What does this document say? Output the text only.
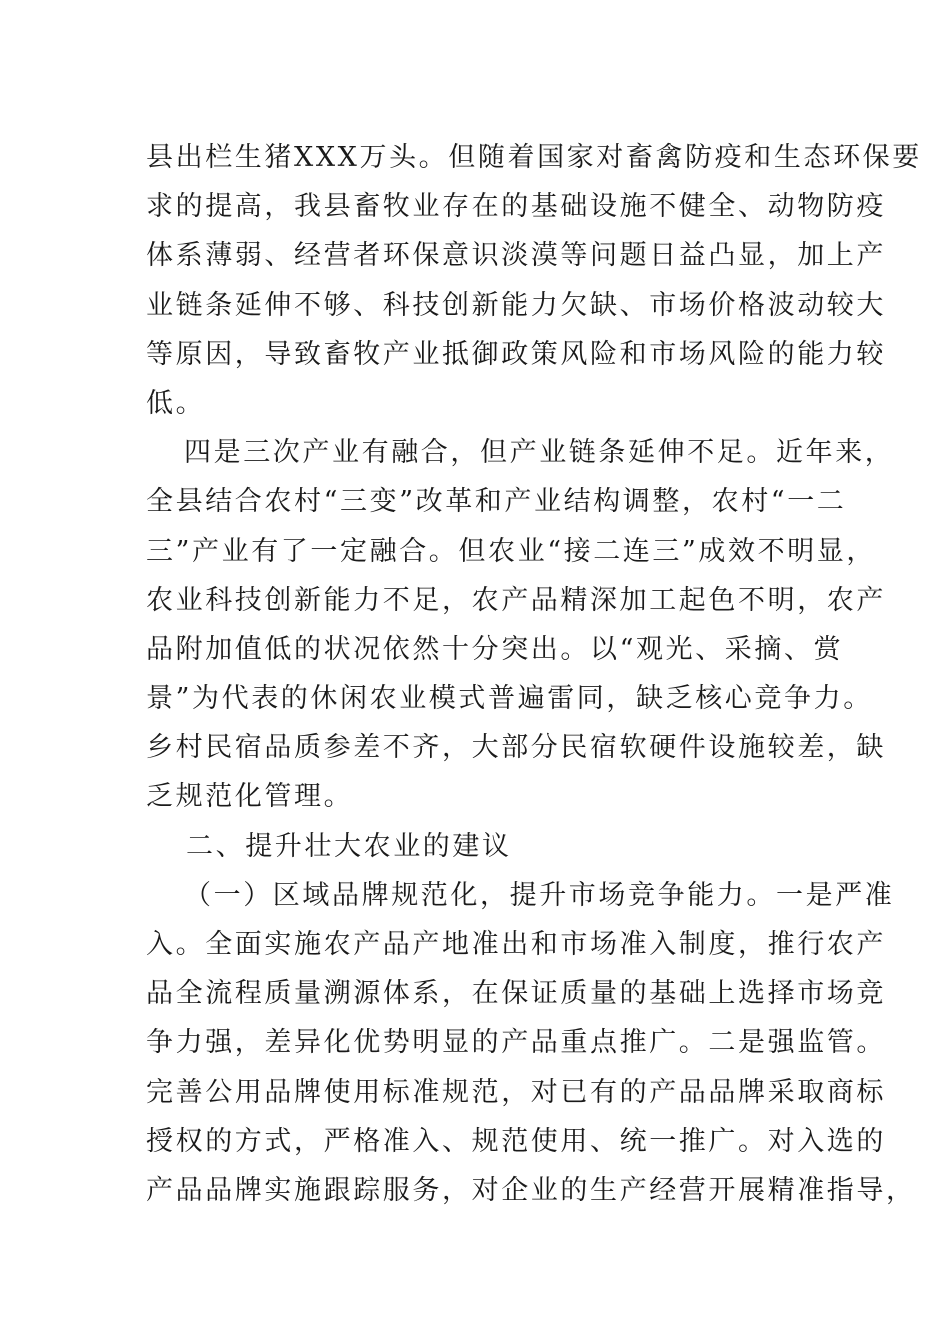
县出栏生猪XXX万头。但随着国家对畜禽防疫和生态环保要
求的提高，我县畜牧业存在的基础设施不健全、动物防疫
体系薄弱、经营者环保意识淡漠等问题日益凸显，加上产
业链条延伸不够、科技创新能力欠缺、市场价格波动较大
等原因，导致畜牧产业抵御政策风险和市场风险的能力较
低。
四是三次产业有融合，但产业链条延伸不足。近年来，
全县结合农村“三变”改革和产业结构调整，农村“一二
三”产业有了一定融合。但农业“接二连三”成效不明显，
农业科技创新能力不足，农产品精深加工起色不明，农产
品附加值低的状况依然十分突出。以“观光、采摘、赏
景”为代表的休闲农业模式普遍雷同，缺乏核心竞争力。
乡村民宿品质参差不齐，大部分民宿软硬件设施较差，缺
乏规范化管理。
二、提升壮大农业的建议
（一）区域品牌规范化，提升市场竞争能力。一是严准
入。全面实施农产品产地准出和市场准入制度，推行农产
品全流程质量溯源体系，在保证质量的基础上选择市场竞
争力强，差异化优势明显的产品重点推广。二是强监管。
完善公用品牌使用标准规范，对已有的产品品牌采取商标
授权的方式，严格准入、规范使用、统一推广。对入选的
产品品牌实施跟踪服务，对企业的生产经营开展精准指导，
